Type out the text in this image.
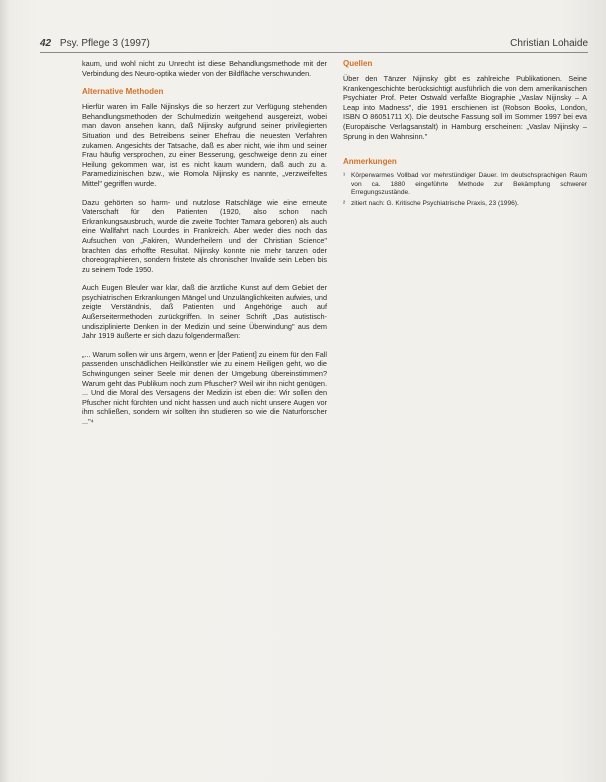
42 Psy. Pflege 3 (1997)	Christian Lohaide

kaum, und wohl nicht zu Unrecht ist diese Behandlungsmethode mit der Verbindung des Neuro-optika wieder von der Bildfläche verschwunden.

Alternative Methoden

Hierfür waren im Falle Nijinskys die so herzert zur Verfügung stehenden Behandlungsmethoden der Schulmedizin weitgehend ausgereizt, wobei man davon ansehen kann, daß Nijinsky aufgrund seiner privilegierten Situation und des Betreibens seiner Ehefrau die neuesten Verfahren zukamen. Angesichts der Tatsache, daß es aber nicht, wie ihm und seiner Frau häufig versprochen, zu einer Besserung, geschweige denn zu einer Heilung gekommen war, ist es nicht kaum wundern, daß auch zu a. Paramedizinischen bzw., wie Romola Nijinsky es nannte, „verzweifeltes Mittel" gegriffen wurde.

Dazu gehörten so harm- und nutzlose Ratschläge wie eine erneute Vaterschaft für den Patienten (1920, also schon nach Erkrankungsausbruch, wurde die zweite Tochter Tamara geboren) als auch eine Wallfahrt nach Lourdes in Frankreich. Aber weder dies noch das Aufsuchen von „Fakiren, Wunderheilern und der Christian Science" brachten das erhoffte Resultat. Nijinsky konnte nie mehr tanzen oder choreographieren, sondern fristete als chronischer Invalide sein Leben bis zu seinem Tode 1950.

Auch Eugen Bleuler war klar, daß die ärztliche Kunst auf dem Gebiet der psychiatrischen Erkrankungen Mängel und Unzulänglichkeiten aufwies, und zeigte Verständnis, daß Patienten und Angehörige auch auf Außerseitermethoden zurückgriffen. In seiner Schrift „Das autistisch-undisziplinierte Denken in der Medizin und seine Überwindung" aus dem Jahr 1919 äußerte er sich dazu folgendermaßen:

„... Warum sollen wir uns ärgern, wenn er [der Patient] zu einem für den Fall passenden unschädlichen Heilkünstler wie zu einem Heiligen geht, wo die Schwingungen seiner Seele mir denen der Umgebung übereinstimmen? Warum geht das Publikum noch zum Pfuscher? Weil wir ihn nicht genügen. ... Und die Moral des Versagens der Medizin ist eben die: Wir sollen den Pfuscher nicht fürchten und nicht hassen und auch nicht unsere Augen vor ihm schließen, sondern wir sollten ihn studieren so wie die Naturforscher ..."⁴

Quellen

Über den Tänzer Nijinsky gibt es zahlreiche Publikationen. Seine Krankengeschichte berücksichtigt ausführlich die von dem amerikanischen Psychiater Prof. Peter Ostwald verfaßte Biographie „Vaslav Nijinsky – A Leap into Madness", die 1991 erschienen ist (Robson Books, London, ISBN O 86051711 X). Die deutsche Fassung soll im Sommer 1997 bei eva (Europäische Verlagsanstalt) in Hamburg erscheinen: „Vaslav Nijinsky – Sprung in den Wahnsinn."

Anmerkungen
¹ Körperwarmes Vollbad vor mehrstündiger Dauer. Im deutschsprachigen Raum von ca. 1880 eingeführte Methode zur Bekämpfung schwerer Erregungszustände.
² zitiert nach: G. Kritische Psychiatrische Praxis, 23 (1996).
